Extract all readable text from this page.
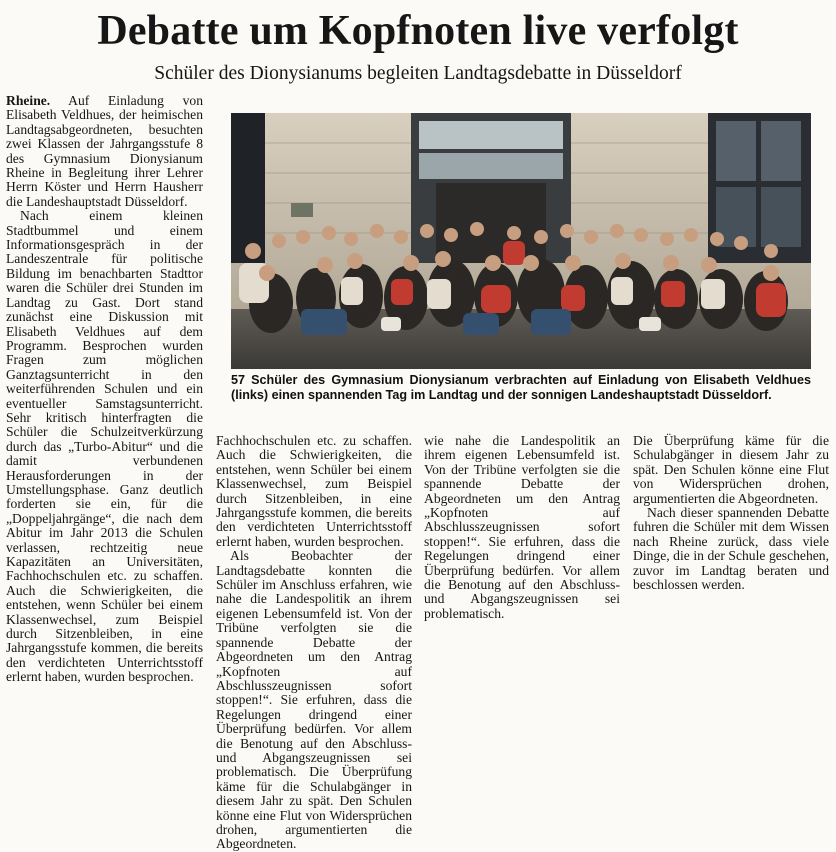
Debatte um Kopfnoten live verfolgt
Schüler des Dionysianums begleiten Landtagsdebatte in Düsseldorf

Rheine. Auf Einladung von Elisabeth Veldhues, der heimischen Landtagsabgeordneten, besuchten zwei Klassen der Jahrgangsstufe 8 des Gymnasium Dionysianum Rheine in Begleitung ihrer Lehrer Herrn Köster und Herrn Hausherr die Landeshauptstadt Düsseldorf.

Nach einem kleinen Stadtbummel und einem Informationsgespräch in der Landeszentrale für politische Bildung im benachbarten Stadttor waren die Schüler drei Stunden im Landtag zu Gast. Dort stand zunächst eine Diskussion mit Elisabeth Veldhues auf dem Programm. Besprochen wurden Fragen zum möglichen Ganztagsunterricht in den weiterführenden Schulen und ein eventueller Samstagsunterricht. Sehr kritisch hinterfragten die Schüler die Schulzeitverkürzung durch das „Turbo-Abitur“ und die damit verbundenen Herausforderungen in der Umstellungsphase. Ganz deutlich forderten sie ein, für die „Doppeljahrgänge“, die nach dem Abitur im Jahr 2013 die Schulen verlassen, rechtzeitig neue Kapazitäten an Universitäten, Fachhochschulen etc. zu schaffen. Auch die Schwierigkeiten, die entstehen, wenn Schüler bei einem Klassenwechsel, zum Beispiel durch Sitzenbleiben, in eine Jahrgangsstufe kommen, die bereits den verdichteten Unterrichtsstoff erlernt haben, wurden besprochen.

57 Schüler des Gymnasium Dionysianum verbrachten auf Einladung von Elisabeth Veldhues (links) einen spannenden Tag im Landtag und der sonnigen Landeshauptstadt Düsseldorf.

Fachhochschulen etc. zu schaffen. Auch die Schwierigkeiten, die entstehen, wenn Schüler bei einem Klassenwechsel, zum Beispiel durch Sitzenbleiben, in eine Jahrgangsstufe kommen, die bereits den verdichteten Unterrichtsstoff erlernt haben, wurden besprochen.

Als Beobachter der Landtagsdebatte konnten die Schüler im Anschluss erfahren, wie nahe die Landespolitik an ihrem eigenen Lebensumfeld ist. Von der Tribüne verfolgten sie die spannende Debatte der Abgeordneten um den Antrag „Kopfnoten auf Abschlusszeugnissen sofort stoppen!“. Sie erfuhren, dass die Regelungen dringend einer Überprüfung bedürfen. Vor allem die Benotung auf den Abschluss- und Abgangszeugnissen sei problematisch. Die Überprüfung käme für die Schulabgänger in diesem Jahr zu spät. Den Schulen könne eine Flut von Widersprüchen drohen, argumentierten die Abgeordneten.

wie nahe die Landespolitik an ihrem eigenen Lebensumfeld ist. Von der Tribüne verfolgten sie die spannende Debatte der Abgeordneten um den Antrag „Kopfnoten auf Abschlusszeugnissen sofort stoppen!“. Sie erfuhren, dass die Regelungen dringend einer Überprüfung bedürfen. Vor allem die Benotung auf den Abschluss- und Abgangszeugnissen sei problematisch.

Die Überprüfung käme für die Schulabgänger in diesem Jahr zu spät. Den Schulen könne eine Flut von Widersprüchen drohen, argumentierten die Abgeordneten.

Nach dieser spannenden Debatte fuhren die Schüler mit dem Wissen nach Rheine zurück, dass viele Dinge, die in der Schule geschehen, zuvor im Landtag beraten und beschlossen werden.
